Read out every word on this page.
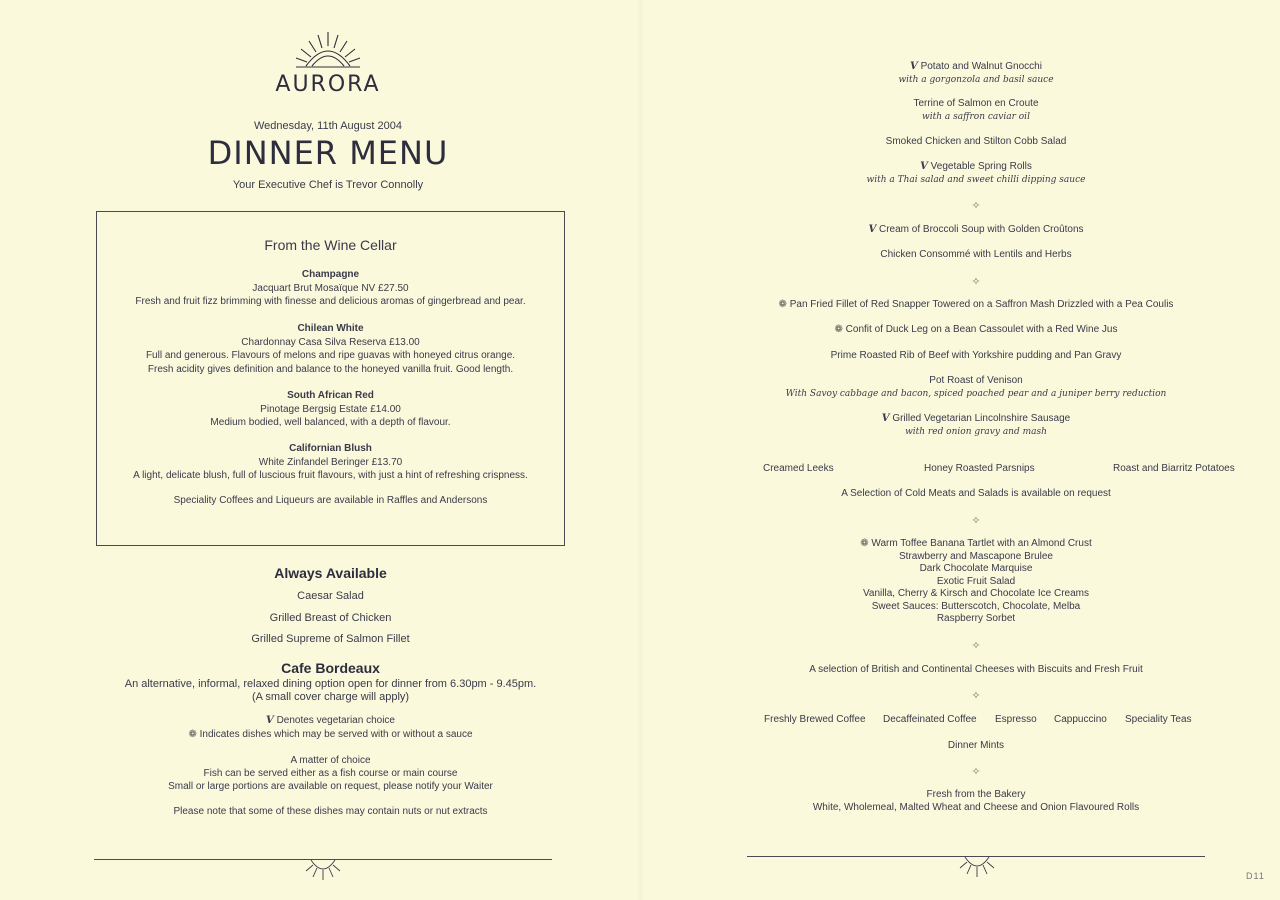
AURORA
Wednesday, 11th August 2004
DINNER MENU
Your Executive Chef is Trevor Connolly
From the Wine Cellar
Champagne
Jacquart Brut Mosaïque NV £27.50
Fresh and fruit fizz brimming with finesse and delicious aromas of gingerbread and pear.
Chilean White
Chardonnay Casa Silva Reserva £13.00
Full and generous. Flavours of melons and ripe guavas with honeyed citrus orange.
Fresh acidity gives definition and balance to the honeyed vanilla fruit. Good length.
South African Red
Pinotage Bergsig Estate £14.00
Medium bodied, well balanced, with a depth of flavour.
Californian Blush
White Zinfandel Beringer £13.70
A light, delicate blush, full of luscious fruit flavours, with just a hint of refreshing crispness.
Speciality Coffees and Liqueurs are available in Raffles and Andersons
Always Available
Caesar Salad
Grilled Breast of Chicken
Grilled Supreme of Salmon Fillet
Cafe Bordeaux
An alternative, informal, relaxed dining option open for dinner from 6.30pm - 9.45pm.
(A small cover charge will apply)
V Denotes vegetarian choice
❁ Indicates dishes which may be served with or without a sauce
A matter of choice
Fish can be served either as a fish course or main course
Small or large portions are available on request, please notify your Waiter
Please note that some of these dishes may contain nuts or nut extracts
V Potato and Walnut Gnocchi
with a gorgonzola and basil sauce
Terrine of Salmon en Croute
with a saffron caviar oil
Smoked Chicken and Stilton Cobb Salad
V Vegetable Spring Rolls
with a Thai salad and sweet chilli dipping sauce
✧
V Cream of Broccoli Soup with Golden Croûtons
Chicken Consommé with Lentils and Herbs
✧
❁ Pan Fried Fillet of Red Snapper Towered on a Saffron Mash Drizzled with a Pea Coulis
❁ Confit of Duck Leg on a Bean Cassoulet with a Red Wine Jus
Prime Roasted Rib of Beef with Yorkshire pudding and Pan Gravy
Pot Roast of Venison
With Savoy cabbage and bacon, spiced poached pear and a juniper berry reduction
V Grilled Vegetarian Lincolnshire Sausage
with red onion gravy and mash
Creamed Leeks	Honey Roasted Parsnips	Roast and Biarritz Potatoes
A Selection of Cold Meats and Salads is available on request
✧
❁ Warm Toffee Banana Tartlet with an Almond Crust
Strawberry and Mascapone Brulee
Dark Chocolate Marquise
Exotic Fruit Salad
Vanilla, Cherry & Kirsch and Chocolate Ice Creams
Sweet Sauces: Butterscotch, Chocolate, Melba
Raspberry Sorbet
✧
A selection of British and Continental Cheeses with Biscuits and Fresh Fruit
✧
Freshly Brewed Coffee Decaffeinated Coffee Espresso Cappuccino Speciality Teas
Dinner Mints
✧
Fresh from the Bakery
White, Wholemeal, Malted Wheat and Cheese and Onion Flavoured Rolls
D11
